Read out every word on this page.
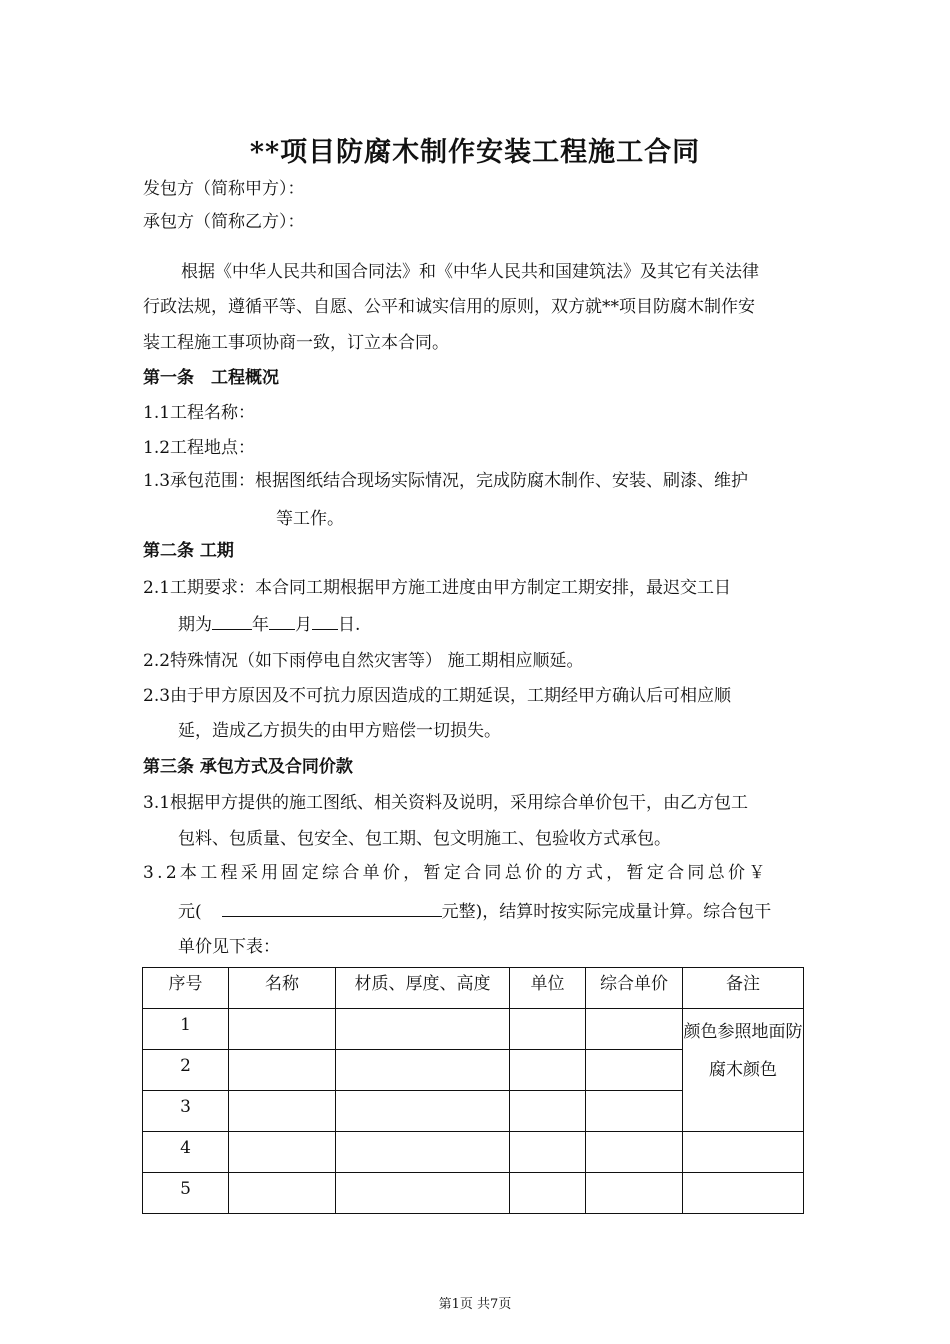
**项目防腐木制作安装工程施工合同
发包方（简称甲方）：
承包方（简称乙方）：
根据《中华人民共和国合同法》和《中华人民共和国建筑法》及其它有关法律
行政法规，遵循平等、自愿、公平和诚实信用的原则，双方就**项目防腐木制作安
装工程施工事项协商一致，订立本合同。
第一条　工程概况
1.1工程名称：
1.2工程地点：
1.3承包范围：根据图纸结合现场实际情况，完成防腐木制作、安装、刷漆、维护
等工作。
第二条 工期
2.1工期要求：本合同工期根据甲方施工进度由甲方制定工期安排，最迟交工日
期为 年 月 日.
2.2特殊情况（如下雨停电自然灾害等） 施工期相应顺延。
2.3由于甲方原因及不可抗力原因造成的工期延误，工期经甲方确认后可相应顺
延，造成乙方损失的由甲方赔偿一切损失。
第三条 承包方式及合同价款
3.1根据甲方提供的施工图纸、相关资料及说明，采用综合单价包干，由乙方包工
包料、包质量、包安全、包工期、包文明施工、包验收方式承包。
3.2本工程采用固定综合单价，暂定合同总价的方式，暂定合同总价￥
元(	元整)，结算时按实际完成量计算。综合包干
单价见下表：
序号	名称	材质、厚度、高度	单位	综合单价	备注
1					颜色参照地面防腐木颜色
2					
3					
4					
5					
第1页 共7页
